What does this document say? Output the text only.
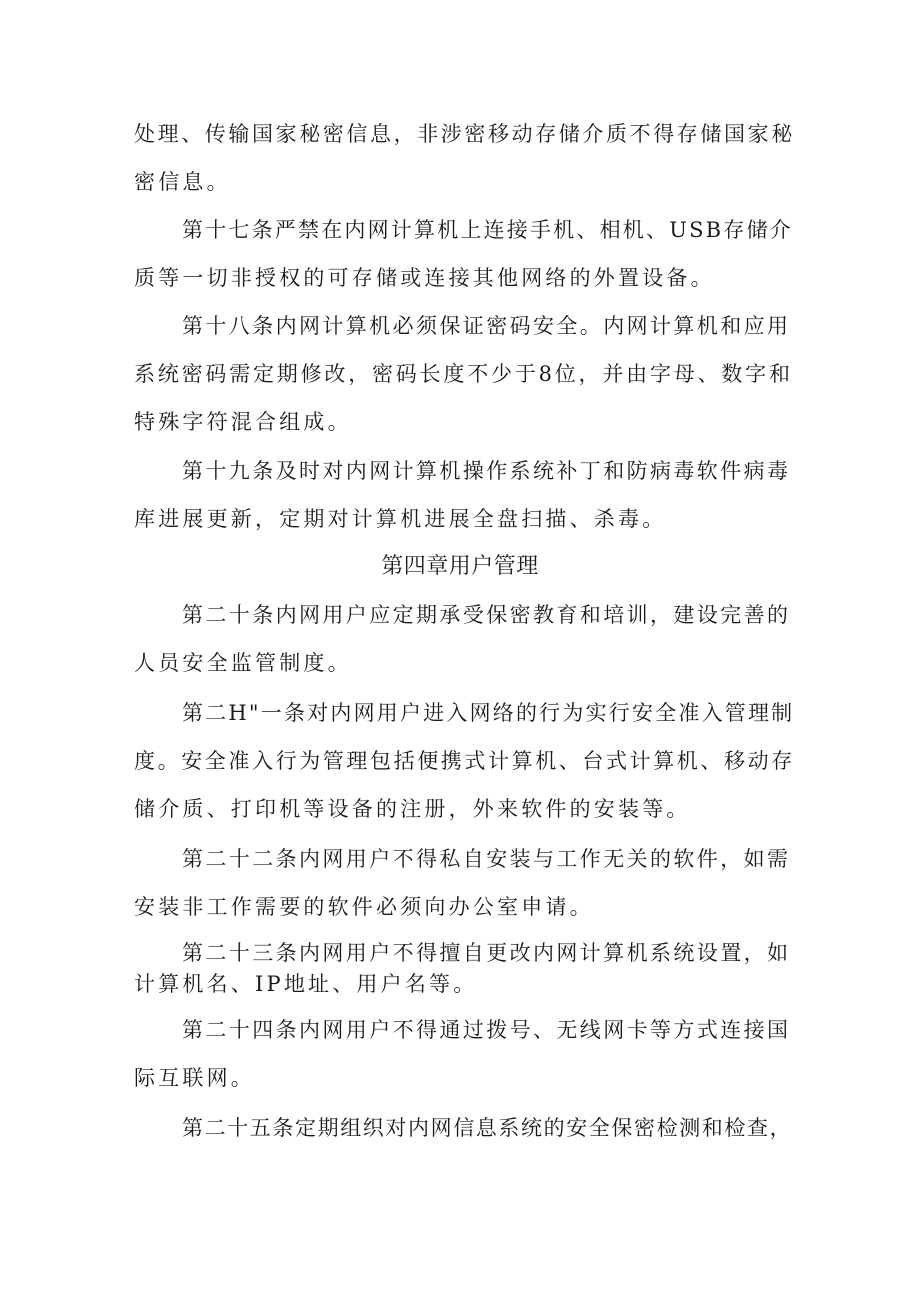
处理、传输国家秘密信息，非涉密移动存储介质不得存储国家秘
密信息。
第十七条严禁在内网计算机上连接手机、相机、USB存储介
质等一切非授权的可存储或连接其他网络的外置设备。
第十八条内网计算机必须保证密码安全。内网计算机和应用
系统密码需定期修改，密码长度不少于8位，并由字母、数字和
特殊字符混合组成。
第十九条及时对内网计算机操作系统补丁和防病毒软件病毒
库进展更新，定期对计算机进展全盘扫描、杀毒。
第四章用户管理
第二十条内网用户应定期承受保密教育和培训，建设完善的
人员安全监管制度。
第二H"一条对内网用户进入网络的行为实行安全准入管理制
度。安全准入行为管理包括便携式计算机、台式计算机、移动存
储介质、打印机等设备的注册，外来软件的安装等。
第二十二条内网用户不得私自安装与工作无关的软件，如需
安装非工作需要的软件必须向办公室申请。
第二十三条内网用户不得擅自更改内网计算机系统设置，如
计算机名、IP地址、用户名等。
第二十四条内网用户不得通过拨号、无线网卡等方式连接国
际互联网。
第二十五条定期组织对内网信息系统的安全保密检测和检查，
